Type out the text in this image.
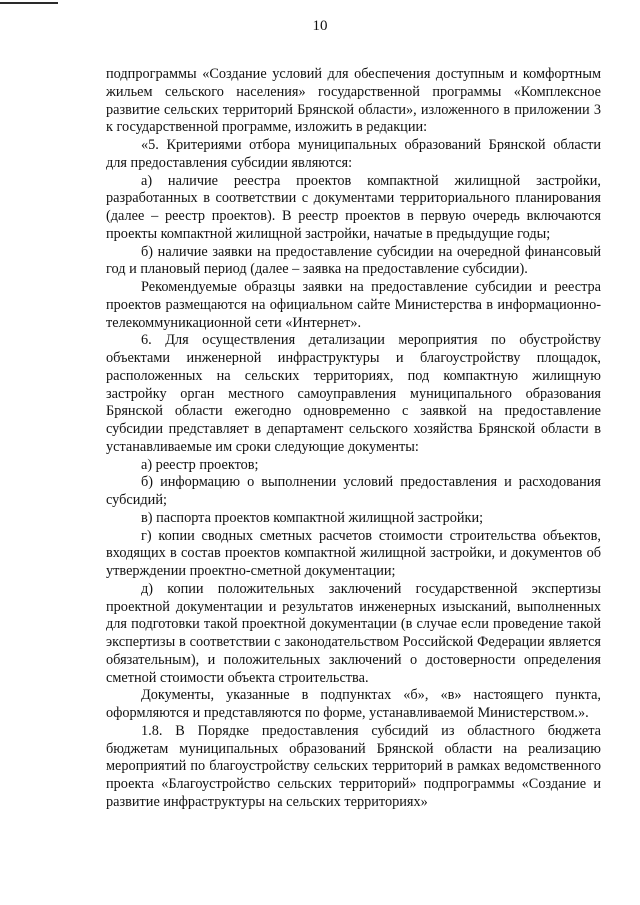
10

подпрограммы «Создание условий для обеспечения доступным и комфортным жильем сельского населения» государственной программы «Комплексное развитие сельских территорий Брянской области», изложенного в приложении 3 к государственной программе, изложить в редакции:

«5. Критериями отбора муниципальных образований Брянской области для предоставления субсидии являются:

а) наличие реестра проектов компактной жилищной застройки, разработанных в соответствии с документами территориального планирования (далее – реестр проектов). В реестр проектов в первую очередь включаются проекты компактной жилищной застройки, начатые в предыдущие годы;

б) наличие заявки на предоставление субсидии на очередной финансовый год и плановый период (далее – заявка на предоставление субсидии).

Рекомендуемые образцы заявки на предоставление субсидии и реестра проектов размещаются на официальном сайте Министерства в информационно-телекоммуникационной сети «Интернет».

6. Для осуществления детализации мероприятия по обустройству объектами инженерной инфраструктуры и благоустройству площадок, расположенных на сельских территориях, под компактную жилищную застройку орган местного самоуправления муниципального образования Брянской области ежегодно одновременно с заявкой на предоставление субсидии представляет в департамент сельского хозяйства Брянской области в устанавливаемые им сроки следующие документы:

а) реестр проектов;

б) информацию о выполнении условий предоставления и расходования субсидий;

в) паспорта проектов компактной жилищной застройки;

г) копии сводных сметных расчетов стоимости строительства объектов, входящих в состав проектов компактной жилищной застройки, и документов об утверждении проектно-сметной документации;

д) копии положительных заключений государственной экспертизы проектной документации и результатов инженерных изысканий, выполненных для подготовки такой проектной документации (в случае если проведение такой экспертизы в соответствии с законодательством Российской Федерации является обязательным), и положительных заключений о достоверности определения сметной стоимости объекта строительства.

Документы, указанные в подпунктах «б», «в» настоящего пункта, оформляются и представляются по форме, устанавливаемой Министерством.».

1.8. В Порядке предоставления субсидий из областного бюджета бюджетам муниципальных образований Брянской области на реализацию мероприятий по благоустройству сельских территорий в рамках ведомственного проекта «Благоустройство сельских территорий» подпрограммы «Создание и развитие инфраструктуры на сельских территориях»
